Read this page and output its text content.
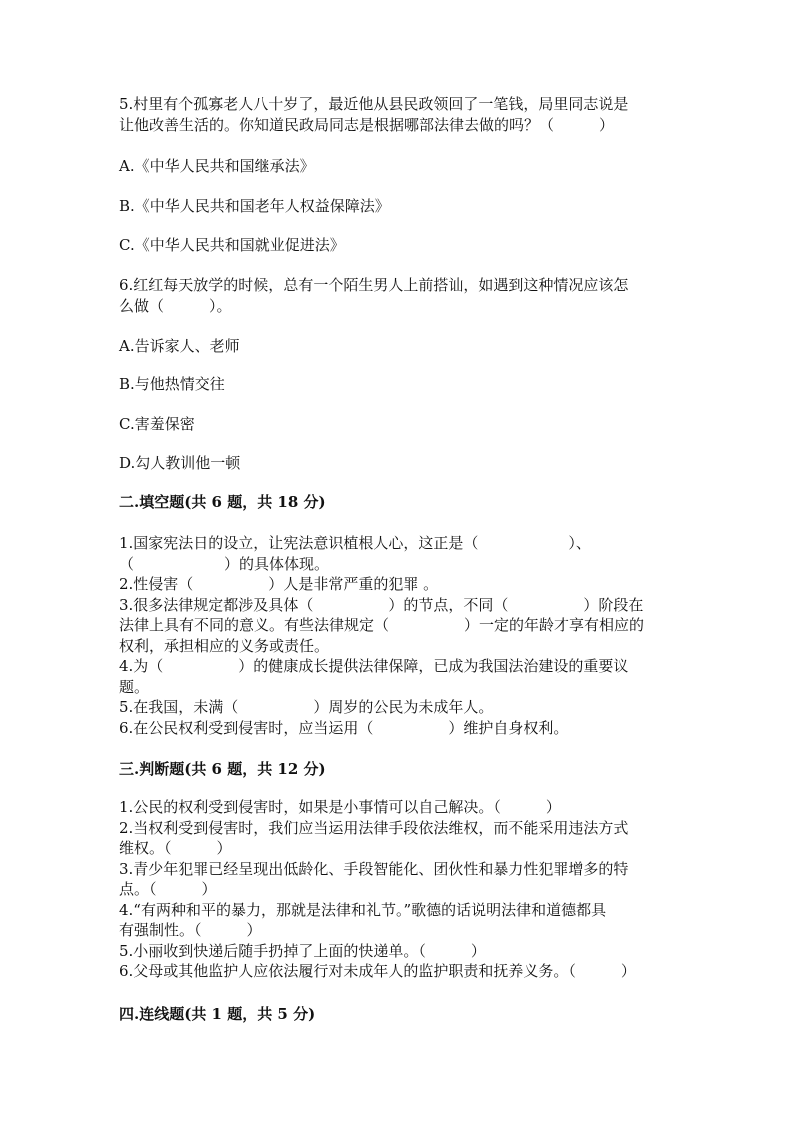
5.村里有个孤寡老人八十岁了，最近他从县民政领回了一笔钱，局里同志说是
让他改善生活的。你知道民政局同志是根据哪部法律去做的吗？（　　　）
A.《中华人民共和国继承法》
B.《中华人民共和国老年人权益保障法》
C.《中华人民共和国就业促进法》
6.红红每天放学的时候，总有一个陌生男人上前搭讪，如遇到这种情况应该怎
么做（　　　）。
A.告诉家人、老师
B.与他热情交往
C.害羞保密
D.勾人教训他一顿
二.填空题(共 6 题，共 18 分)
1.国家宪法日的设立，让宪法意识植根人心，这正是（　　　　　　）、
（　　　　　　）的具体体现。
2.性侵害（　　　　　）人是非常严重的犯罪 。
3.很多法律规定都涉及具体（　　　　　）的节点，不同（　　　　　）阶段在
法律上具有不同的意义。有些法律规定（　　　　　）一定的年龄才享有相应的
权利，承担相应的义务或责任。
4.为（　　　　　）的健康成长提供法律保障，已成为我国法治建设的重要议
题。
5.在我国，未满（　　　　　）周岁的公民为未成年人。
6.在公民权利受到侵害时，应当运用（　　　　　）维护自身权利。
三.判断题(共 6 题，共 12 分)
1.公民的权利受到侵害时，如果是小事情可以自己解决。（　　　）
2.当权利受到侵害时，我们应当运用法律手段依法维权，而不能采用违法方式
维权。（　　　）
3.青少年犯罪已经呈现出低龄化、手段智能化、团伙性和暴力性犯罪增多的特
点。（　　　）
4.“有两种和平的暴力，那就是法律和礼节。”歌德的话说明法律和道德都具
有强制性。（　　　）
5.小丽收到快递后随手扔掉了上面的快递单。（　　　）
6.父母或其他监护人应依法履行对未成年人的监护职责和抚养义务。（　　　）
四.连线题(共 1 题，共 5 分)
